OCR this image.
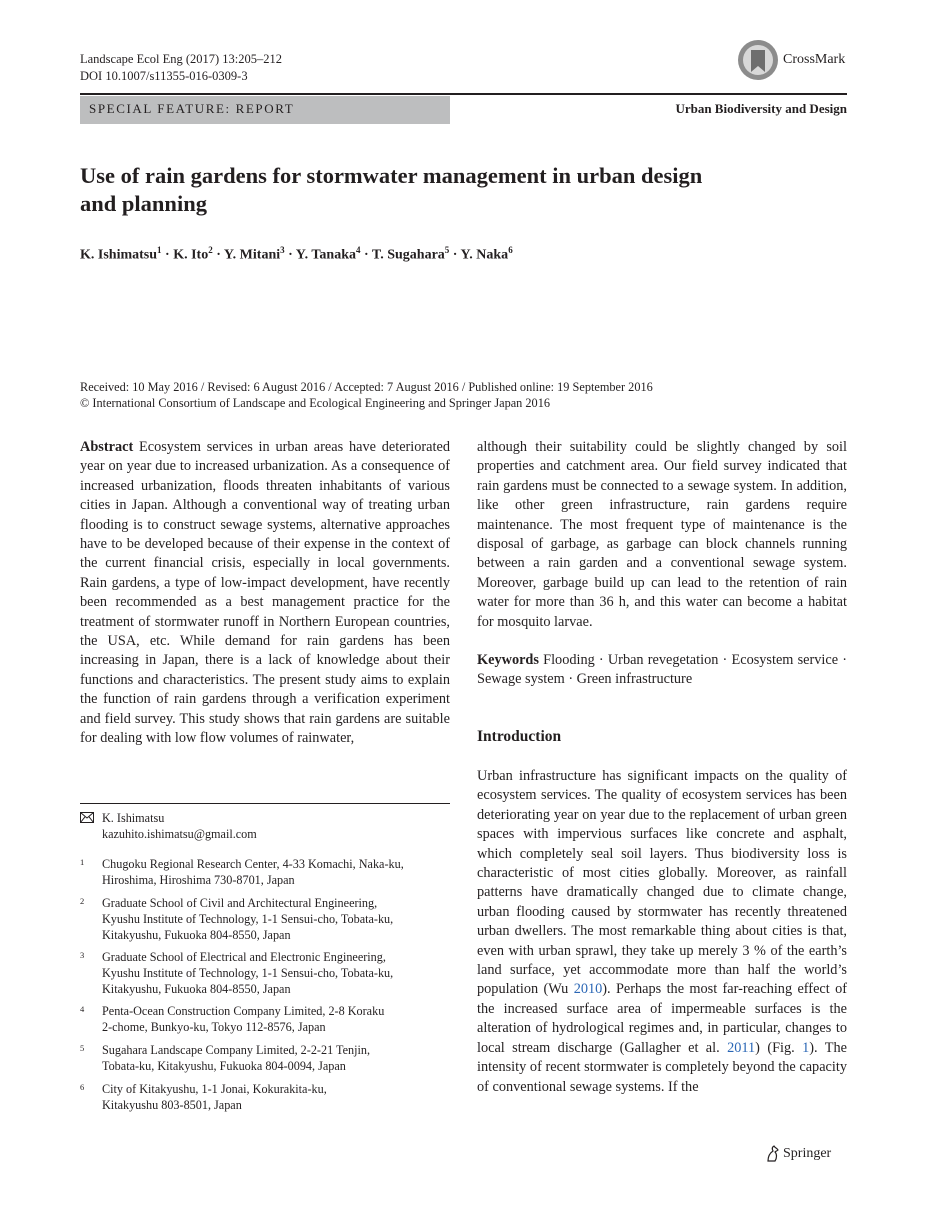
Landscape Ecol Eng (2017) 13:205–212
DOI 10.1007/s11355-016-0309-3
CrossMark
SPECIAL FEATURE: REPORT	Urban Biodiversity and Design
Use of rain gardens for stormwater management in urban design
and planning
K. Ishimatsu$^1$ · K. Ito$^2$ · Y. Mitani$^3$ · Y. Tanaka$^4$ · T. Sugahara$^5$ · Y. Naka$^6$
Received: 10 May 2016 / Revised: 6 August 2016 / Accepted: 7 August 2016 / Published online: 19 September 2016
© International Consortium of Landscape and Ecological Engineering and Springer Japan 2016

Abstract Ecosystem services in urban areas have deteriorated year on year due to increased urbanization. As a consequence of increased urbanization, floods threaten inhabitants of various cities in Japan. Although a conventional way of treating urban flooding is to construct sewage systems, alternative approaches have to be developed because of their expense in the context of the current financial crisis, especially in local governments. Rain gardens, a type of low-impact development, have recently been recommended as a best management practice for the treatment of stormwater runoff in Northern European countries, the USA, etc. While demand for rain gardens has been increasing in Japan, there is a lack of knowledge about their functions and characteristics. The present study aims to explain the function of rain gardens through a verification experiment and field survey. This study shows that rain gardens are suitable for dealing with low flow volumes of rainwater,

although their suitability could be slightly changed by soil properties and catchment area. Our field survey indicated that rain gardens must be connected to a sewage system. In addition, like other green infrastructure, rain gardens require maintenance. The most frequent type of maintenance is the disposal of garbage, as garbage can block channels running between a rain garden and a conventional sewage system. Moreover, garbage build up can lead to the retention of rain water for more than 36 h, and this water can become a habitat for mosquito larvae.

Keywords Flooding · Urban revegetation · Ecosystem service · Sewage system · Green infrastructure

Introduction

Urban infrastructure has significant impacts on the quality of ecosystem services. The quality of ecosystem services has been deteriorating year on year due to the replacement of urban green spaces with impervious surfaces like concrete and asphalt, which completely seal soil layers. Thus biodiversity loss is characteristic of most cities globally. Moreover, as rainfall patterns have dramatically changed due to climate change, urban flooding caused by stormwater has recently threatened urban dwellers. The most remarkable thing about cities is that, even with urban sprawl, they take up merely 3 % of the earth’s land surface, yet accommodate more than half the world’s population (Wu 2010). Perhaps the most far-reaching effect of the increased surface area of impermeable surfaces is the alteration of hydrological regimes and, in particular, changes to local stream discharge (Gallagher et al. 2011) (Fig. 1). The intensity of recent stormwater is completely beyond the capacity of conventional sewage systems. If the

K. Ishimatsu
kazuhito.ishimatsu@gmail.com
1 Chugoku Regional Research Center, 4-33 Komachi, Naka-ku,
Hiroshima, Hiroshima 730-8701, Japan
2 Graduate School of Civil and Architectural Engineering,
Kyushu Institute of Technology, 1-1 Sensui-cho, Tobata-ku,
Kitakyushu, Fukuoka 804-8550, Japan
3 Graduate School of Electrical and Electronic Engineering,
Kyushu Institute of Technology, 1-1 Sensui-cho, Tobata-ku,
Kitakyushu, Fukuoka 804-8550, Japan
4 Penta-Ocean Construction Company Limited, 2-8 Koraku
2-chome, Bunkyo-ku, Tokyo 112-8576, Japan
5 Sugahara Landscape Company Limited, 2-2-21 Tenjin,
Tobata-ku, Kitakyushu, Fukuoka 804-0094, Japan
6 City of Kitakyushu, 1-1 Jonai, Kokurakita-ku,
Kitakyushu 803-8501, Japan
Springer
